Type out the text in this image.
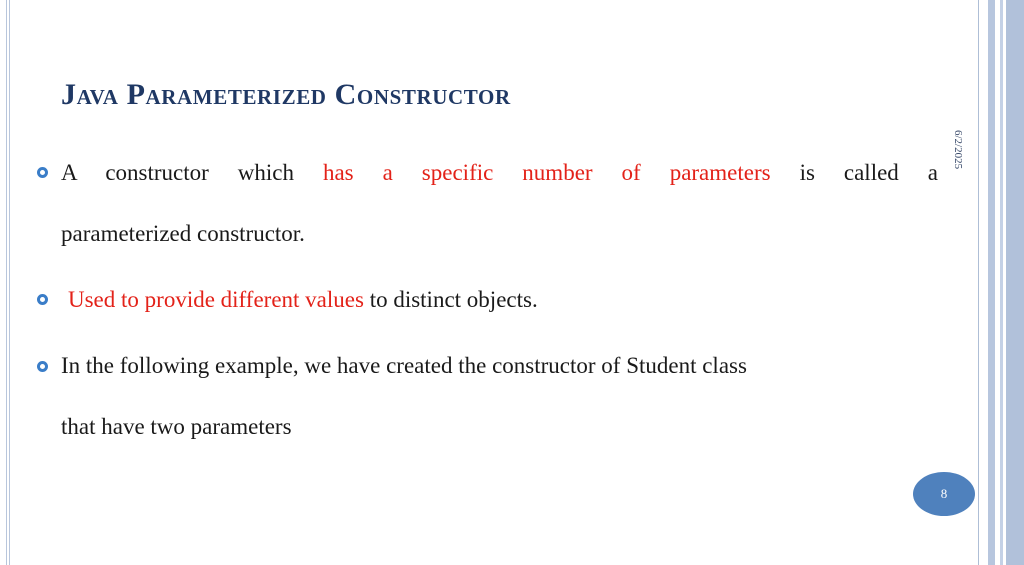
Java Parameterized Constructor
6/2/2025

A constructor which has a specific number of parameters is called a

parameterized constructor.

Used to provide different values to distinct objects.

In the following example, we have created the constructor of Student class

that have two parameters

8
